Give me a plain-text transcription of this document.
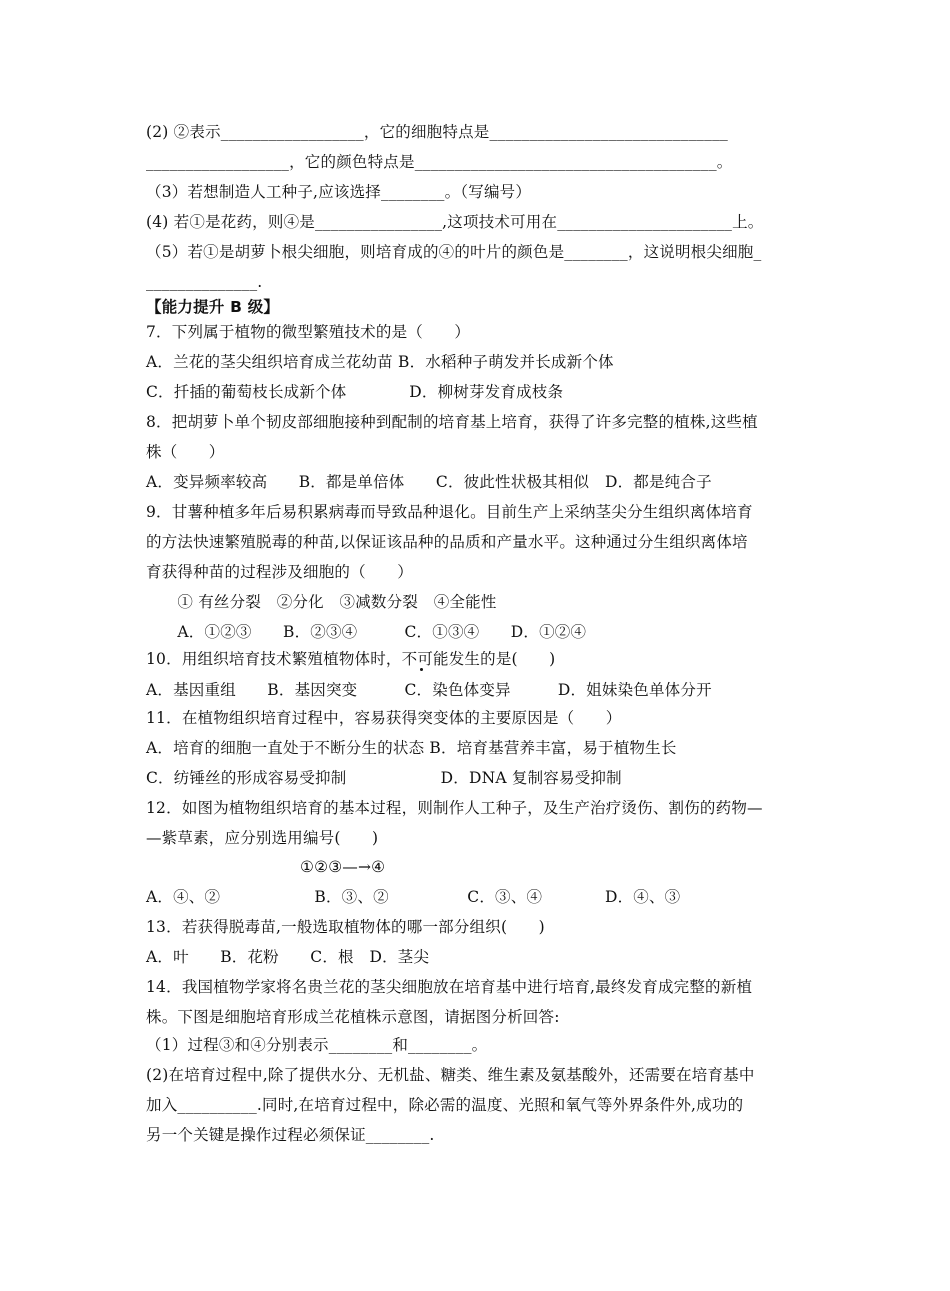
(2) ②表示__________________，它的细胞特点是______________________________
__________________，它的颜色特点是______________________________________。
（3）若想制造人工种子,应该选择________。（写编号）
(4) 若①是花药，则④是________________,这项技术可用在______________________上。
（5）若①是胡萝卜根尖细胞，则培育成的④的叶片的颜色是________，这说明根尖细胞_
______________.
【能力提升 B 级】
7．下列属于植物的微型繁殖技术的是（　　）
A．兰花的茎尖组织培育成兰花幼苗 B．水稻种子萌发并长成新个体
C．扦插的葡萄枝长成新个体　　　　D．柳树芽发育成枝条
8．把胡萝卜单个韧皮部细胞接种到配制的培育基上培育，获得了许多完整的植株,这些植
株（　　）
A．变异频率较高　　B．都是单倍体　　C．彼此性状极其相似　D．都是纯合子
9．甘薯种植多年后易积累病毒而导致品种退化。目前生产上采纳茎尖分生组织离体培育
的方法快速繁殖脱毒的种苗,以保证该品种的品质和产量水平。这种通过分生组织离体培
育获得种苗的过程涉及细胞的（　　）
　　① 有丝分裂　②分化　③减数分裂　④全能性
　　A．①②③　　B．②③④　　　C．①③④　　D．①②④
10．用组织培育技术繁殖植物体时，不可能发生的是(　　)
A．基因重组　　B．基因突变　　　C．染色体变异　　　D．姐妹染色单体分开
11．在植物组织培育过程中，容易获得突变体的主要原因是（　　）
A．培育的细胞一直处于不断分生的状态 B．培育基营养丰富，易于植物生长
C．纺锤丝的形成容易受抑制　　　　　　D．DNA 复制容易受抑制
12．如图为植物组织培育的基本过程，则制作人工种子，及生产治疗烫伤、割伤的药物—
—紫草素，应分别选用编号(　　)
①②③—→④
A．④、②　　　　　　B．③、②　　　　　C．③、④　　　　D．④、③
13．若获得脱毒苗,一般选取植物体的哪一部分组织(　　)
A．叶　　B．花粉　　C．根　D．茎尖
14．我国植物学家将名贵兰花的茎尖细胞放在培育基中进行培育,最终发育成完整的新植
株。下图是细胞培育形成兰花植株示意图，请据图分析回答:
（1）过程③和④分别表示________和________。
(2)在培育过程中,除了提供水分、无机盐、糖类、维生素及氨基酸外，还需要在培育基中
加入__________.同时,在培育过程中，除必需的温度、光照和氧气等外界条件外,成功的
另一个关键是操作过程必须保证________.
